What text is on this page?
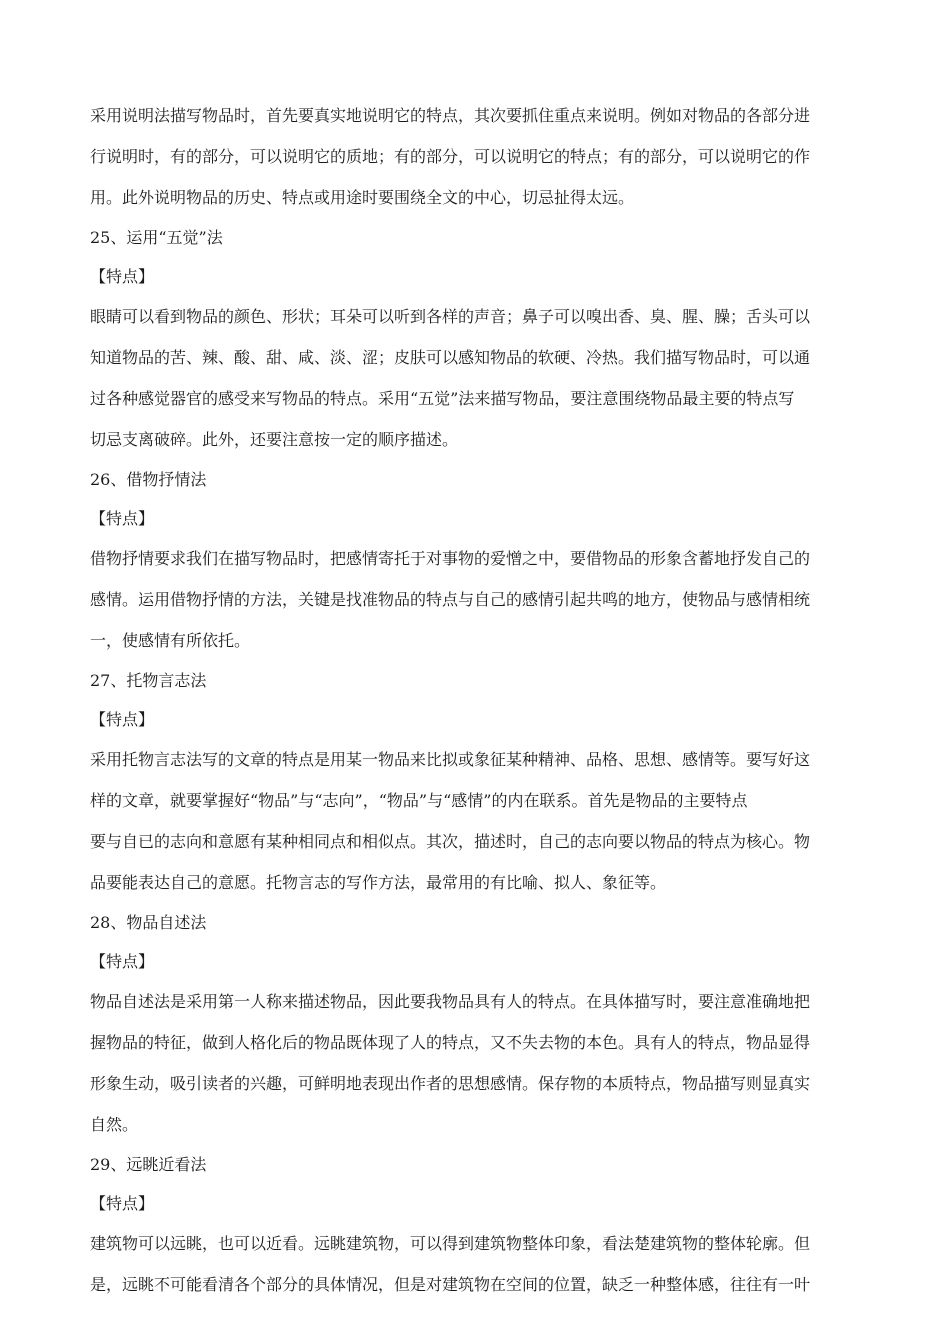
采用说明法描写物品时，首先要真实地说明它的特点，其次要抓住重点来说明。例如对物品的各部分进
行说明时，有的部分，可以说明它的质地；有的部分，可以说明它的特点；有的部分，可以说明它的作
用。此外说明物品的历史、特点或用途时要围绕全文的中心，切忌扯得太远。
25、运用“五觉”法
【特点】
眼睛可以看到物品的颜色、形状；耳朵可以听到各样的声音；鼻子可以嗅出香、臭、腥、臊；舌头可以
知道物品的苦、辣、酸、甜、咸、淡、涩；皮肤可以感知物品的软硬、冷热。我们描写物品时，可以通
过各种感觉器官的感受来写物品的特点。采用“五觉”法来描写物品，要注意围绕物品最主要的特点写
切忌支离破碎。此外，还要注意按一定的顺序描述。
26、借物抒情法
【特点】
借物抒情要求我们在描写物品时，把感情寄托于对事物的爱憎之中，要借物品的形象含蓄地抒发自己的
感情。运用借物抒情的方法，关键是找准物品的特点与自己的感情引起共鸣的地方，使物品与感情相统
一，使感情有所依托。
27、托物言志法
【特点】
采用托物言志法写的文章的特点是用某一物品来比拟或象征某种精神、品格、思想、感情等。要写好这
样的文章，就要掌握好“物品”与“志向”，“物品”与“感情”的内在联系。首先是物品的主要特点
要与自已的志向和意愿有某种相同点和相似点。其次，描述时，自己的志向要以物品的特点为核心。物
品要能表达自己的意愿。托物言志的写作方法，最常用的有比喻、拟人、象征等。
28、物品自述法
【特点】
物品自述法是采用第一人称来描述物品，因此要我物品具有人的特点。在具体描写时，要注意准确地把
握物品的特征，做到人格化后的物品既体现了人的特点，又不失去物的本色。具有人的特点，物品显得
形象生动，吸引读者的兴趣，可鲜明地表现出作者的思想感情。保存物的本质特点，物品描写则显真实
自然。
29、远眺近看法
【特点】
建筑物可以远眺，也可以近看。远眺建筑物，可以得到建筑物整体印象，看法楚建筑物的整体轮廓。但
是，远眺不可能看清各个部分的具体情况，但是对建筑物在空间的位置，缺乏一种整体感，往往有一叶
